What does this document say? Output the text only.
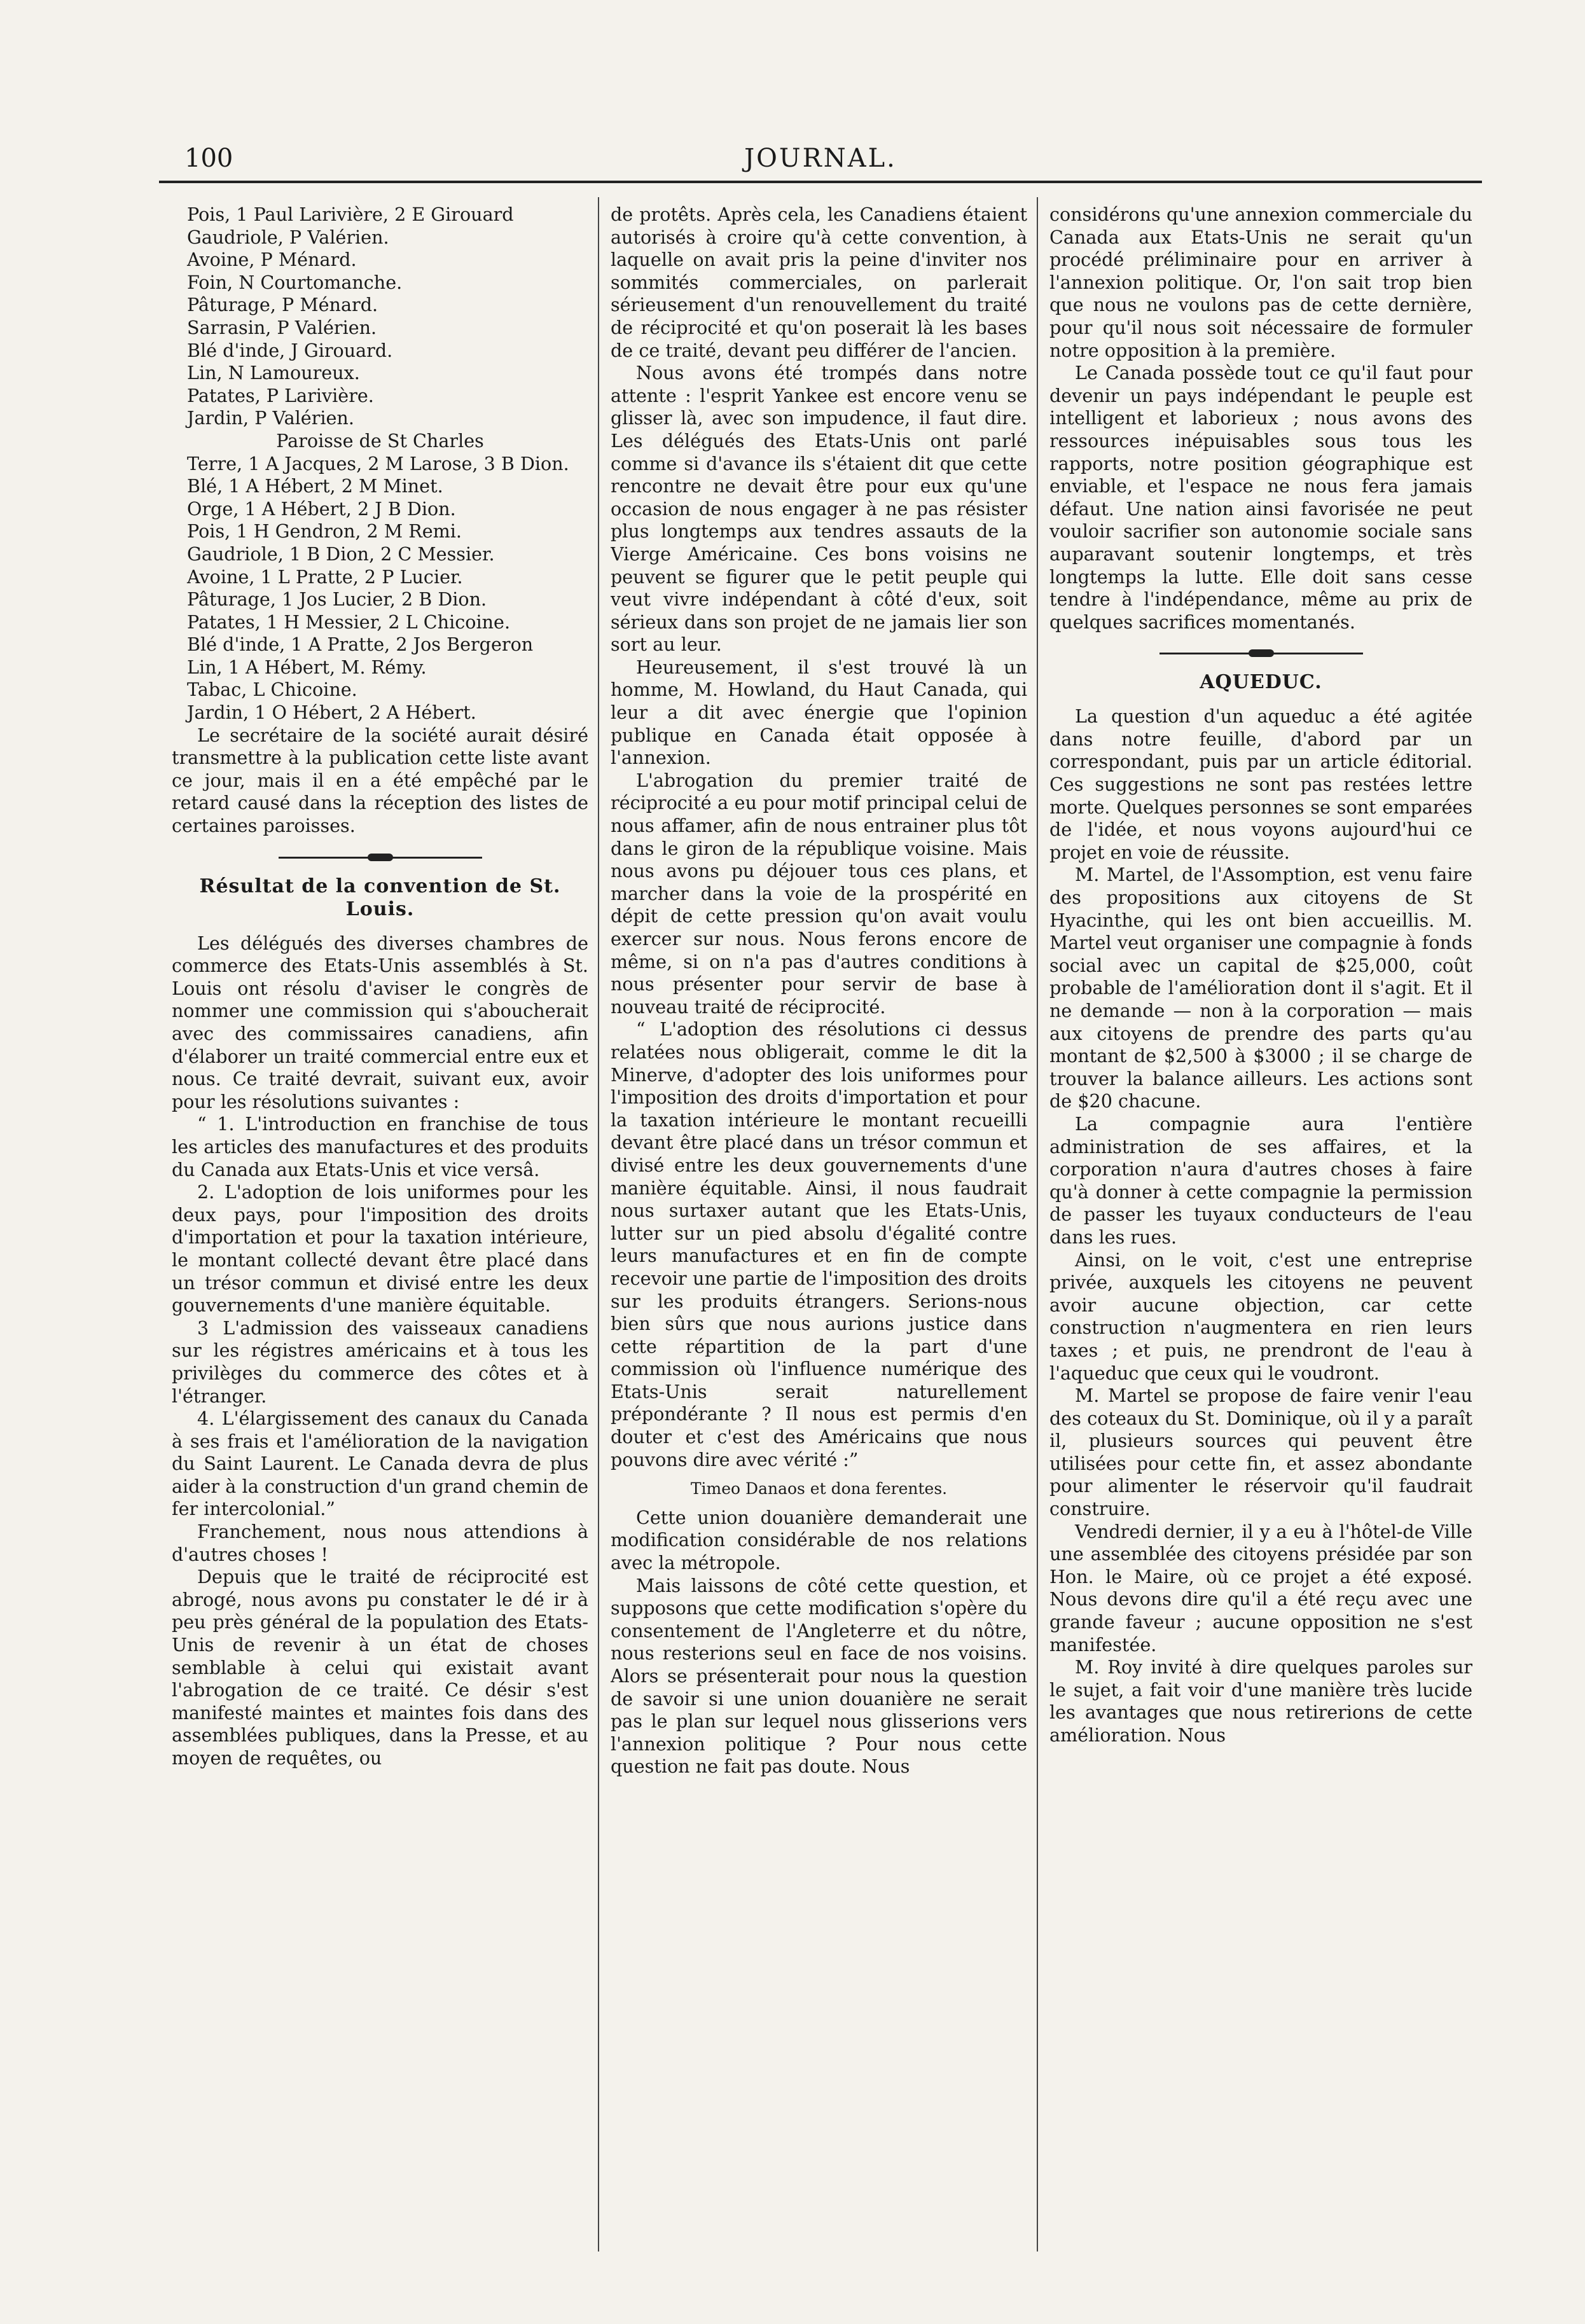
100	JOURNAL.

Pois, 1 Paul Larivière, 2 E Girouard

Gaudriole, P Valérien.

Avoine, P Ménard.

Foin, N Courtomanche.

Pâturage, P Ménard.

Sarrasin, P Valérien.

Blé d'inde, J Girouard.

Lin, N Lamoureux.

Patates, P Larivière.

Jardin, P Valérien.

Paroisse de St Charles

Terre, 1 A Jacques, 2 M Larose, 3 B Dion.

Blé, 1 A Hébert, 2 M Minet.

Orge, 1 A Hébert, 2 J B Dion.

Pois, 1 H Gendron, 2 M Remi.

Gaudriole, 1 B Dion, 2 C Messier.

Avoine, 1 L Pratte, 2 P Lucier.

Pâturage, 1 Jos Lucier, 2 B Dion.

Patates, 1 H Messier, 2 L Chicoine.

Blé d'inde, 1 A Pratte, 2 Jos Bergeron

Lin, 1 A Hébert, M. Rémy.

Tabac, L Chicoine.

Jardin, 1 O Hébert, 2 A Hébert.

Le secrétaire de la société aurait désiré transmettre à la publication cette liste avant ce jour, mais il en a été empêché par le retard causé dans la réception des listes de certaines paroisses.

Résultat de la convention de St. Louis.

Les délégués des diverses chambres de commerce des Etats-Unis assemblés à St. Louis ont résolu d'aviser le congrès de nommer une commission qui s'aboucherait avec des commissaires canadiens, afin d'élaborer un traité commercial entre eux et nous. Ce traité devrait, suivant eux, avoir pour les résolutions suivantes :

“ 1. L'introduction en franchise de tous les articles des manufactures et des produits du Canada aux Etats-Unis et vice versâ.

2. L'adoption de lois uniformes pour les deux pays, pour l'imposition des droits d'importation et pour la taxation intérieure, le montant collecté devant être placé dans un trésor commun et divisé entre les deux gouvernements d'une manière équitable.

3 L'admission des vaisseaux canadiens sur les régistres américains et à tous les privilèges du commerce des côtes et à l'étranger.

4. L'élargissement des canaux du Canada à ses frais et l'amélioration de la navigation du Saint Laurent. Le Canada devra de plus aider à la construction d'un grand chemin de fer intercolonial.”

Franchement, nous nous attendions à d'autres choses !

Depuis que le traité de réciprocité est abrogé, nous avons pu constater le dé ir à peu près général de la population des Etats-Unis de revenir à un état de choses semblable à celui qui existait avant l'abrogation de ce traité. Ce désir s'est manifesté maintes et maintes fois dans des assemblées publiques, dans la Presse, et au moyen de requêtes, ou

de protêts. Après cela, les Canadiens étaient autorisés à croire qu'à cette convention, à laquelle on avait pris la peine d'inviter nos sommités commerciales, on parlerait sérieusement d'un renouvellement du traité de réciprocité et qu'on poserait là les bases de ce traité, devant peu différer de l'ancien.

Nous avons été trompés dans notre attente : l'esprit Yankee est encore venu se glisser là, avec son impudence, il faut dire. Les délégués des Etats-Unis ont parlé comme si d'avance ils s'étaient dit que cette rencontre ne devait être pour eux qu'une occasion de nous engager à ne pas résister plus longtemps aux tendres assauts de la Vierge Américaine. Ces bons voisins ne peuvent se figurer que le petit peuple qui veut vivre indépendant à côté d'eux, soit sérieux dans son projet de ne jamais lier son sort au leur.

Heureusement, il s'est trouvé là un homme, M. Howland, du Haut Canada, qui leur a dit avec énergie que l'opinion publique en Canada était opposée à l'annexion.

L'abrogation du premier traité de réciprocité a eu pour motif principal celui de nous affamer, afin de nous entrainer plus tôt dans le giron de la république voisine. Mais nous avons pu déjouer tous ces plans, et marcher dans la voie de la prospérité en dépit de cette pression qu'on avait voulu exercer sur nous. Nous ferons encore de même, si on n'a pas d'autres conditions à nous présenter pour servir de base à nouveau traité de réciprocité.

“ L'adoption des résolutions ci dessus relatées nous obligerait, comme le dit la Minerve, d'adopter des lois uniformes pour l'imposition des droits d'importation et pour la taxation intérieure le montant recueilli devant être placé dans un trésor commun et divisé entre les deux gouvernements d'une manière équitable. Ainsi, il nous faudrait nous surtaxer autant que les Etats-Unis, lutter sur un pied absolu d'égalité contre leurs manufactures et en fin de compte recevoir une partie de l'imposition des droits sur les produits étrangers. Serions-nous bien sûrs que nous aurions justice dans cette répartition de la part d'une commission où l'influence numérique des Etats-Unis serait naturellement prépondérante ? Il nous est permis d'en douter et c'est des Américains que nous pouvons dire avec vérité :”

Timeo Danaos et dona ferentes.

Cette union douanière demanderait une modification considérable de nos relations avec la métropole.

Mais laissons de côté cette question, et supposons que cette modification s'opère du consentement de l'Angleterre et du nôtre, nous resterions seul en face de nos voisins. Alors se présenterait pour nous la question de savoir si une union douanière ne serait pas le plan sur lequel nous glisserions vers l'annexion politique ? Pour nous cette question ne fait pas doute. Nous

considérons qu'une annexion commerciale du Canada aux Etats-Unis ne serait qu'un procédé préliminaire pour en arriver à l'annexion politique. Or, l'on sait trop bien que nous ne voulons pas de cette dernière, pour qu'il nous soit nécessaire de formuler notre opposition à la première.

Le Canada possède tout ce qu'il faut pour devenir un pays indépendant le peuple est intelligent et laborieux ; nous avons des ressources inépuisables sous tous les rapports, notre position géographique est enviable, et l'espace ne nous fera jamais défaut. Une nation ainsi favorisée ne peut vouloir sacrifier son autonomie sociale sans auparavant soutenir longtemps, et très longtemps la lutte. Elle doit sans cesse tendre à l'indépendance, même au prix de quelques sacrifices momentanés.

AQUEDUC.

La question d'un aqueduc a été agitée dans notre feuille, d'abord par un correspondant, puis par un article éditorial. Ces suggestions ne sont pas restées lettre morte. Quelques personnes se sont emparées de l'idée, et nous voyons aujourd'hui ce projet en voie de réussite.

M. Martel, de l'Assomption, est venu faire des propositions aux citoyens de St Hyacinthe, qui les ont bien accueillis. M. Martel veut organiser une compagnie à fonds social avec un capital de $25,000, coût probable de l'amélioration dont il s'agit. Et il ne demande — non à la corporation — mais aux citoyens de prendre des parts qu'au montant de $2,500 à $3000 ; il se charge de trouver la balance ailleurs. Les actions sont de $20 chacune.

La compagnie aura l'entière administration de ses affaires, et la corporation n'aura d'autres choses à faire qu'à donner à cette compagnie la permission de passer les tuyaux conducteurs de l'eau dans les rues.

Ainsi, on le voit, c'est une entreprise privée, auxquels les citoyens ne peuvent avoir aucune objection, car cette construction n'augmentera en rien leurs taxes ; et puis, ne prendront de l'eau à l'aqueduc que ceux qui le voudront.

M. Martel se propose de faire venir l'eau des coteaux du St. Dominique, où il y a paraît il, plusieurs sources qui peuvent être utilisées pour cette fin, et assez abondante pour alimenter le réservoir qu'il faudrait construire.

Vendredi dernier, il y a eu à l'hôtel-de Ville une assemblée des citoyens présidée par son Hon. le Maire, où ce projet a été exposé. Nous devons dire qu'il a été reçu avec une grande faveur ; aucune opposition ne s'est manifestée.

M. Roy invité à dire quelques paroles sur le sujet, a fait voir d'une manière très lucide les avantages que nous retirerions de cette amélioration. Nous
